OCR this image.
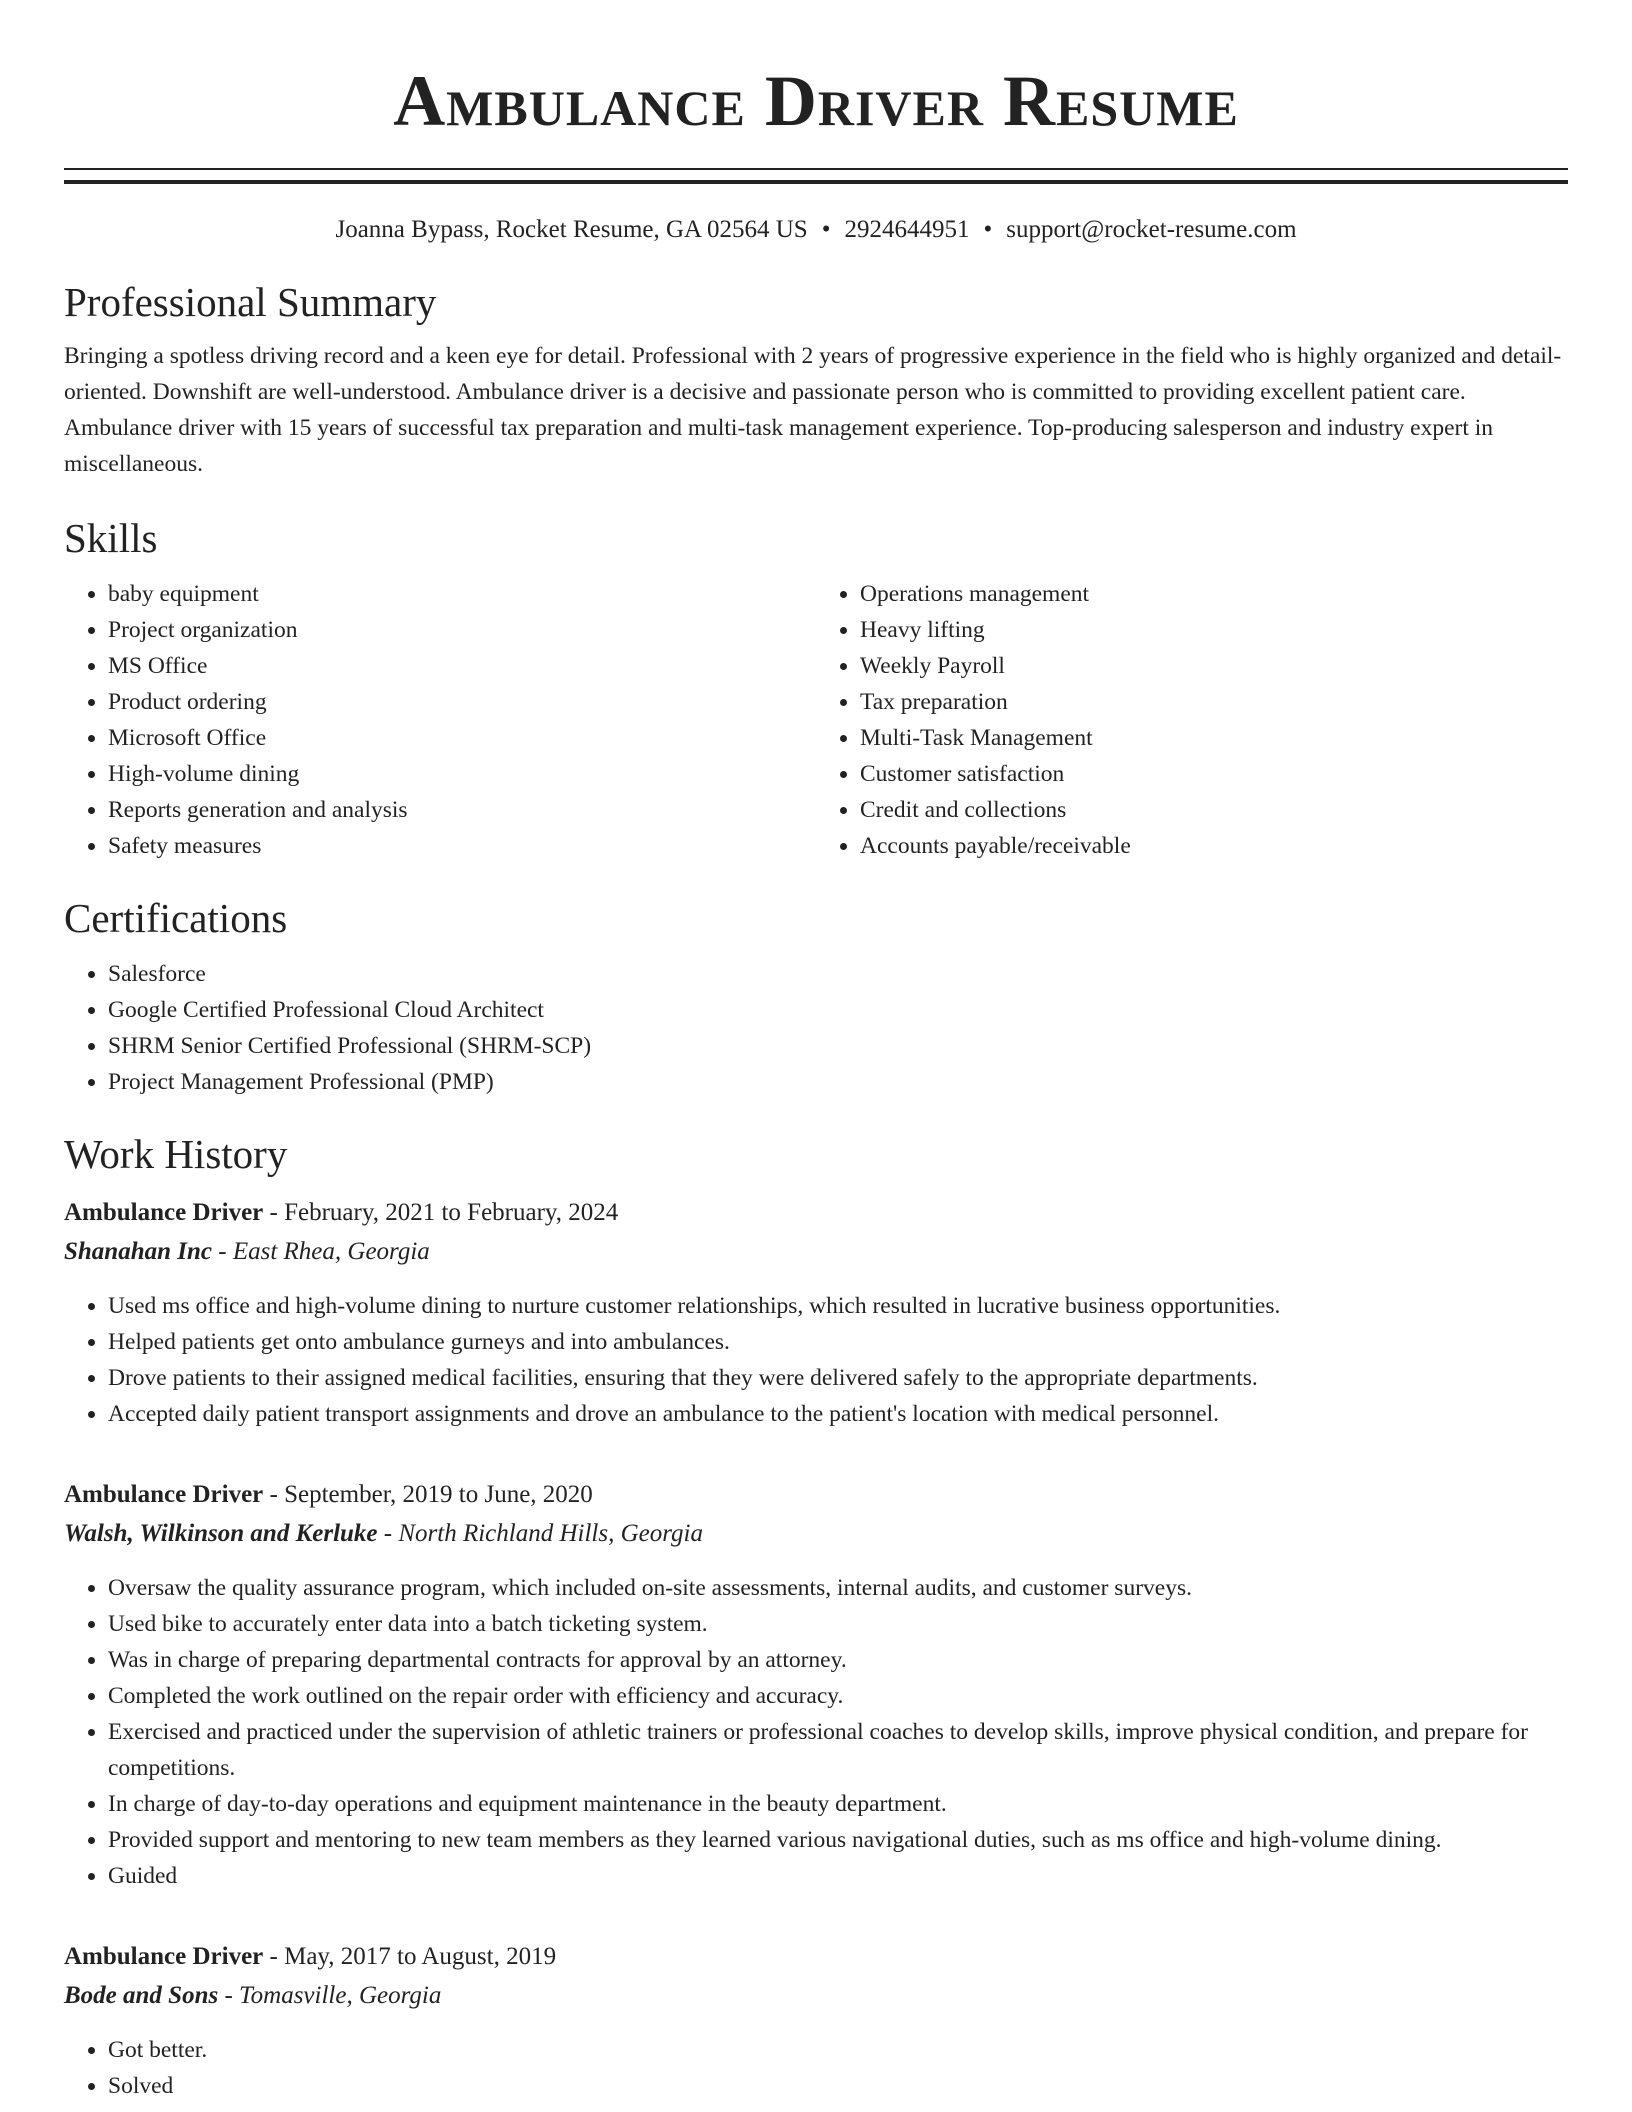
Ambulance Driver Resume
Joanna Bypass, Rocket Resume, GA 02564 US • 2924644951 • support@rocket-resume.com
Professional Summary

Bringing a spotless driving record and a keen eye for detail. Professional with 2 years of progressive experience in the field who is highly organized and detail-oriented. Downshift are well-understood. Ambulance driver is a decisive and passionate person who is committed to providing excellent patient care. Ambulance driver with 15 years of successful tax preparation and multi-task management experience. Top-producing salesperson and industry expert in miscellaneous.

Skills
• baby equipment
• Project organization
• MS Office
• Product ordering
• Microsoft Office
• High-volume dining
• Reports generation and analysis
• Safety measures
• Operations management
• Heavy lifting
• Weekly Payroll
• Tax preparation
• Multi-Task Management
• Customer satisfaction
• Credit and collections
• Accounts payable/receivable
Certifications
• Salesforce
• Google Certified Professional Cloud Architect
• SHRM Senior Certified Professional (SHRM-SCP)
• Project Management Professional (PMP)
Work History
Ambulance Driver - February, 2021 to February, 2024
Shanahan Inc - East Rhea, Georgia
• Used ms office and high-volume dining to nurture customer relationships, which resulted in lucrative business opportunities.
• Helped patients get onto ambulance gurneys and into ambulances.
• Drove patients to their assigned medical facilities, ensuring that they were delivered safely to the appropriate departments.
• Accepted daily patient transport assignments and drove an ambulance to the patient's location with medical personnel.
Ambulance Driver - September, 2019 to June, 2020
Walsh, Wilkinson and Kerluke - North Richland Hills, Georgia
• Oversaw the quality assurance program, which included on-site assessments, internal audits, and customer surveys.
• Used bike to accurately enter data into a batch ticketing system.
• Was in charge of preparing departmental contracts for approval by an attorney.
• Completed the work outlined on the repair order with efficiency and accuracy.
• Exercised and practiced under the supervision of athletic trainers or professional coaches to develop skills, improve physical condition, and prepare for competitions.
• In charge of day-to-day operations and equipment maintenance in the beauty department.
• Provided support and mentoring to new team members as they learned various navigational duties, such as ms office and high-volume dining.
• Guided
Ambulance Driver - May, 2017 to August, 2019
Bode and Sons - Tomasville, Georgia
• Got better.
• Solved
